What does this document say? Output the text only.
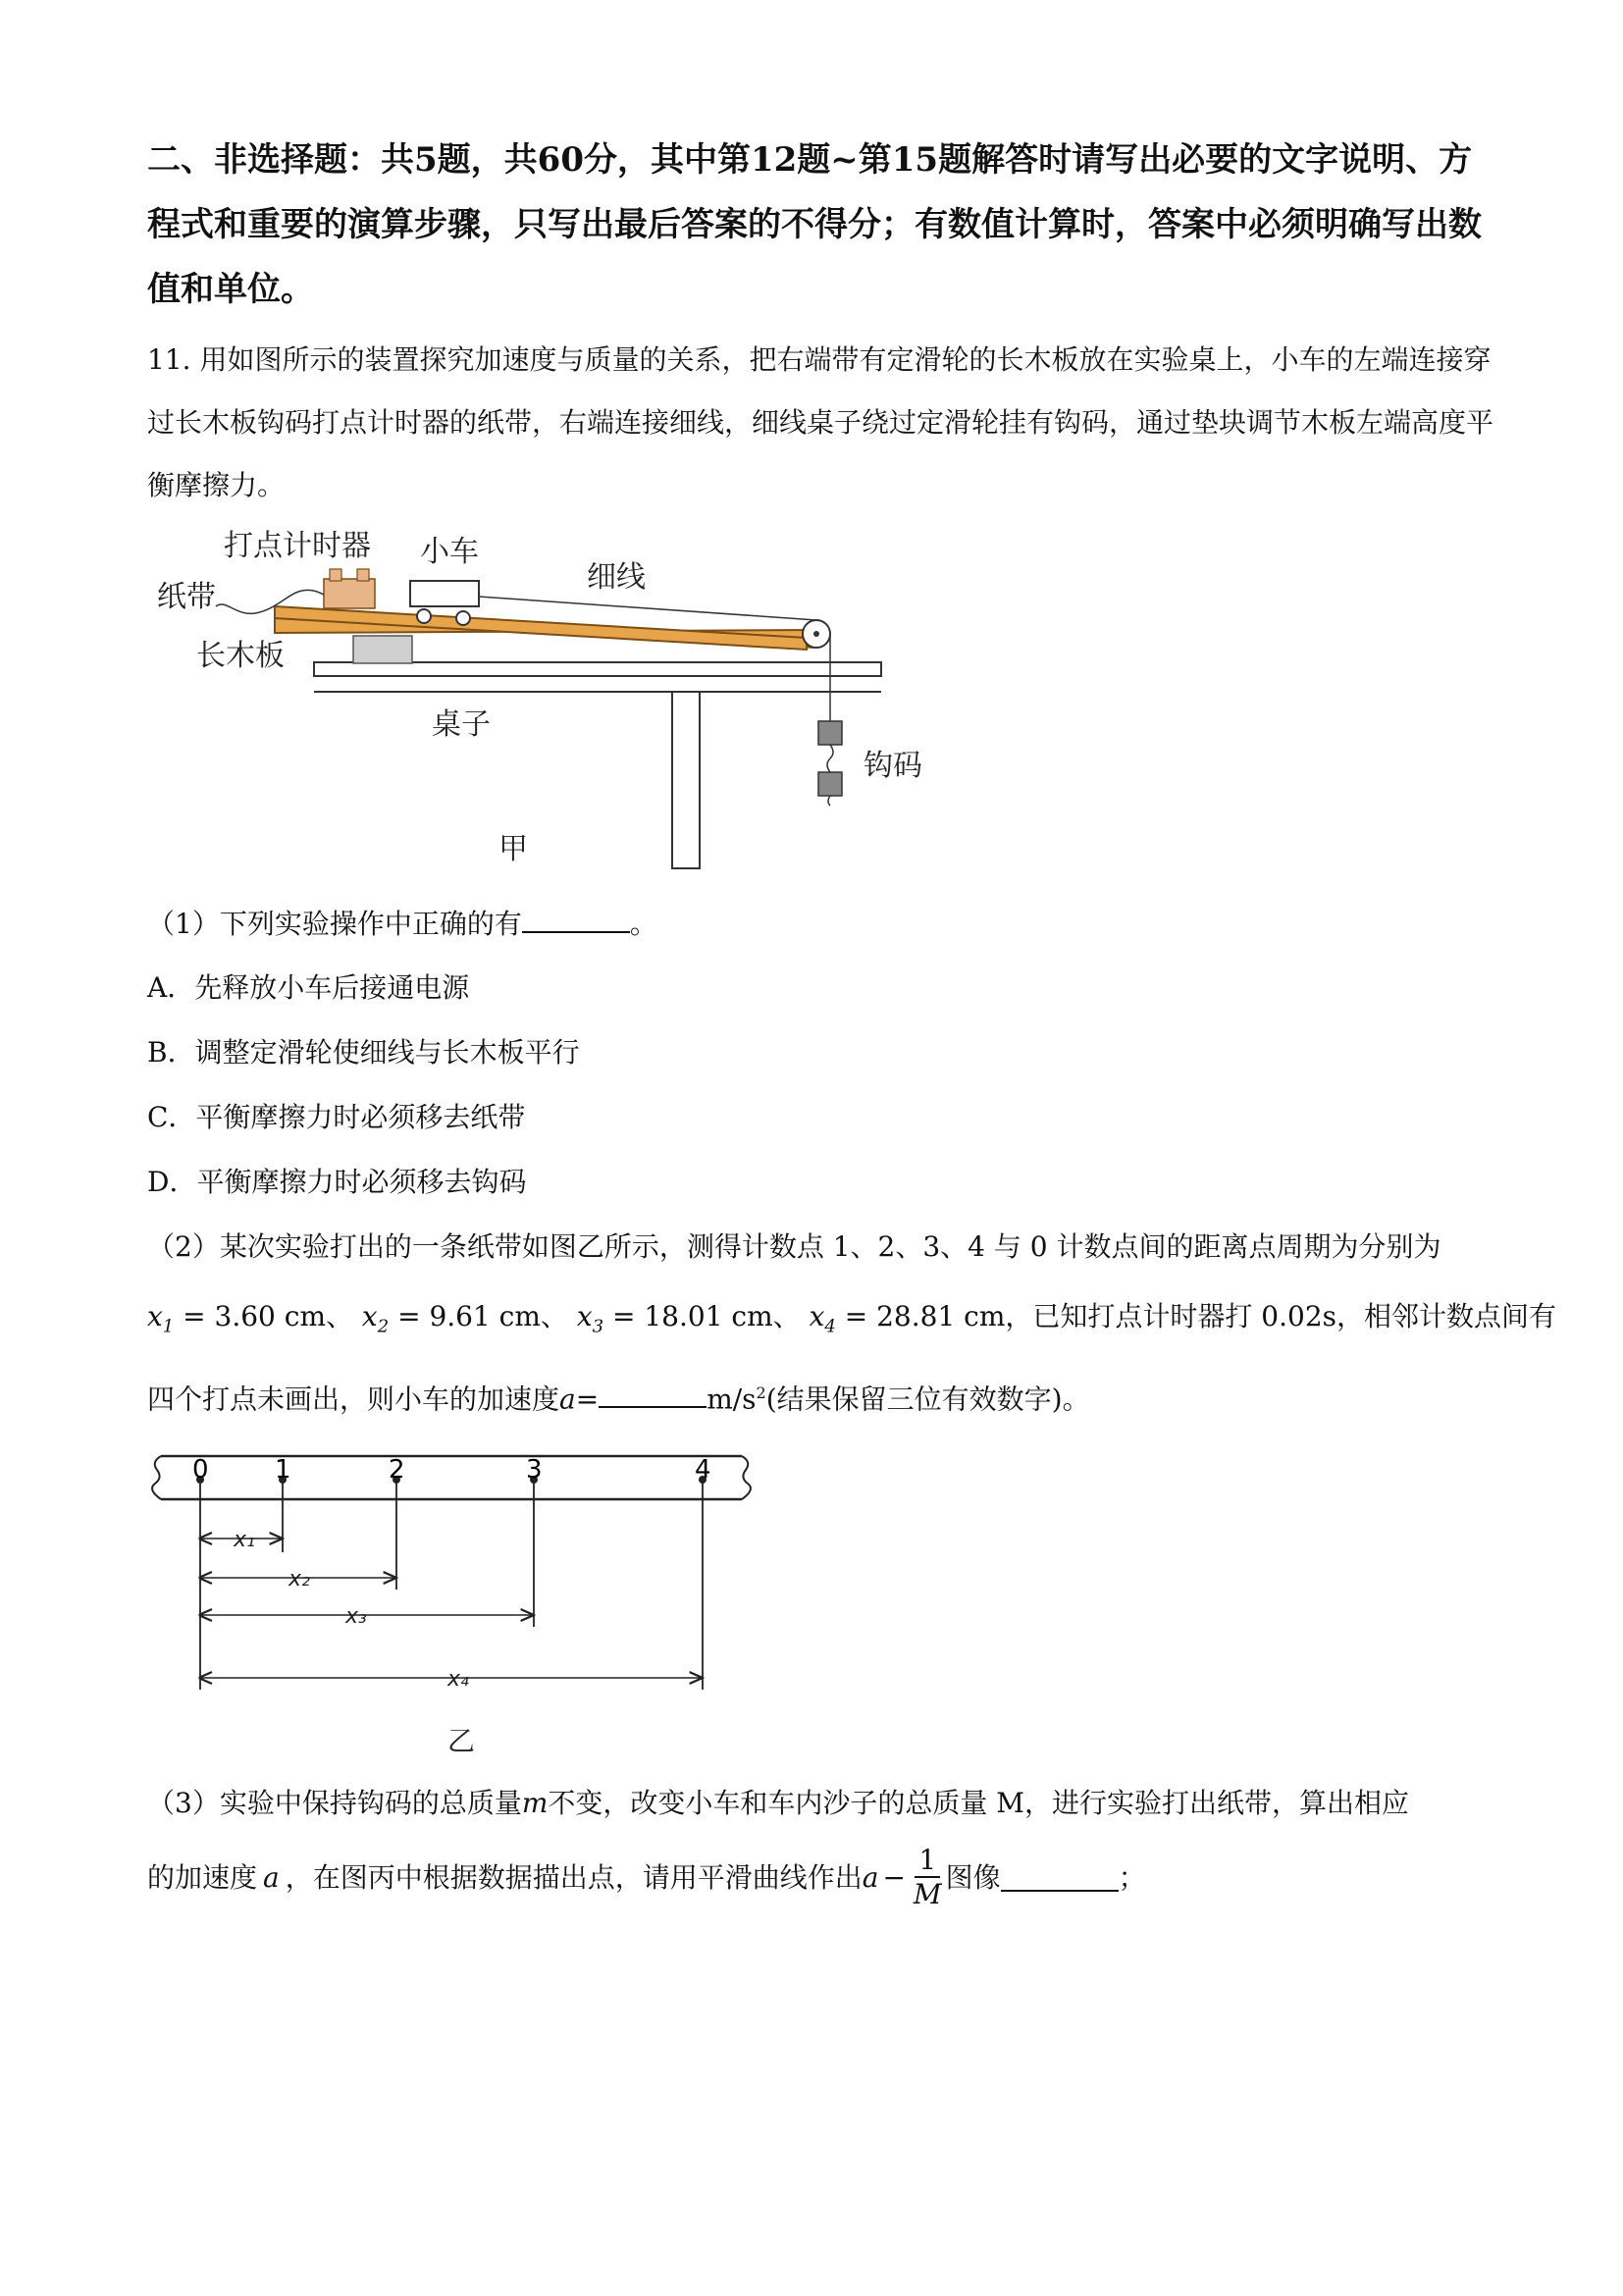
二、非选择题：共5题，共60分，其中第12题~第15题解答时请写出必要的文字说明、方程式和重要的演算步骤，只写出最后答案的不得分；有数值计算时，答案中必须明确写出数值和单位。
11. 用如图所示的装置探究加速度与质量的关系，把右端带有定滑轮的长木板放在实验桌上，小车的左端连接穿过长木板钩码打点计时器的纸带，右端连接细线，细线桌子绕过定滑轮挂有钩码，通过垫块调节木板左端高度平衡摩擦力。
打点计时器 小车
纸带
细线
长木板
桌子
钩码
甲
（1）下列实验操作中正确的有	。
A．先释放小车后接通电源
B．调整定滑轮使细线与长木板平行
C．平衡摩擦力时必须移去纸带
D．平衡摩擦力时必须移去钩码
（2）某次实验打出的一条纸带如图乙所示，测得计数点 1、2、3、4 与 0 计数点间的距离点周期为分别为
$x_1 = 3.60$ cm、 $x_2 = 9.61$ cm、 $x_3 = 18.01$ cm、 $x_4 = 28.81$ cm，已知打点计时器打 0.02s，相邻计数点间有
四个打点未画出，则小车的加速度a=	$m/s^2$(结果保留三位有效数字)。
0	1	2	3	4
x₁
x₂
x₃
x₄
乙
（3）实验中保持钩码的总质量m不变，改变小车和车内沙子的总质量 M，进行实验打出纸带，算出相应
的加速度 a ，在图丙中根据数据描出点，请用平滑曲线作出 $a - \frac{1}{M}$ 图像	；
